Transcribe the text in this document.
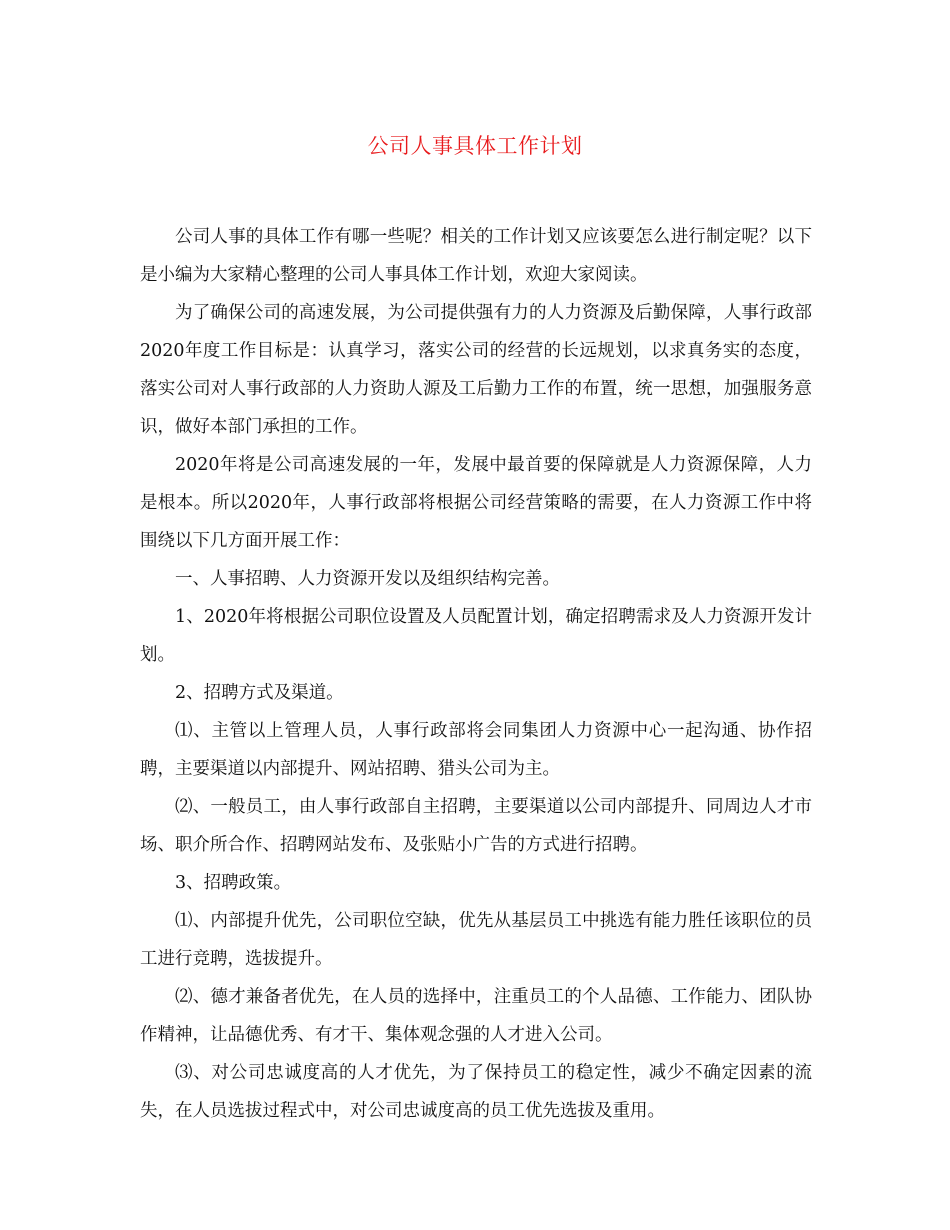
公司人事具体工作计划

公司人事的具体工作有哪一些呢？相关的工作计划又应该要怎么进行制定呢？以下是小编为大家精心整理的公司人事具体工作计划，欢迎大家阅读。

为了确保公司的高速发展，为公司提供强有力的人力资源及后勤保障，人事行政部2020年度工作目标是：认真学习，落实公司的经营的长远规划，以求真务实的态度，落实公司对人事行政部的人力资助人源及工后勤力工作的布置，统一思想，加强服务意识，做好本部门承担的工作。

2020年将是公司高速发展的一年，发展中最首要的保障就是人力资源保障，人力是根本。所以2020年，人事行政部将根据公司经营策略的需要，在人力资源工作中将围绕以下几方面开展工作：

一、人事招聘、人力资源开发以及组织结构完善。

1、2020年将根据公司职位设置及人员配置计划，确定招聘需求及人力资源开发计划。

2、招聘方式及渠道。

⑴、主管以上管理人员，人事行政部将会同集团人力资源中心一起沟通、协作招聘，主要渠道以内部提升、网站招聘、猎头公司为主。

⑵、一般员工，由人事行政部自主招聘，主要渠道以公司内部提升、同周边人才市场、职介所合作、招聘网站发布、及张贴小广告的方式进行招聘。

3、招聘政策。

⑴、内部提升优先，公司职位空缺，优先从基层员工中挑选有能力胜任该职位的员工进行竞聘，选拔提升。

⑵、德才兼备者优先，在人员的选择中，注重员工的个人品德、工作能力、团队协作精神，让品德优秀、有才干、集体观念强的人才进入公司。

⑶、对公司忠诚度高的人才优先，为了保持员工的稳定性，减少不确定因素的流失，在人员选拔过程式中，对公司忠诚度高的员工优先选拔及重用。
